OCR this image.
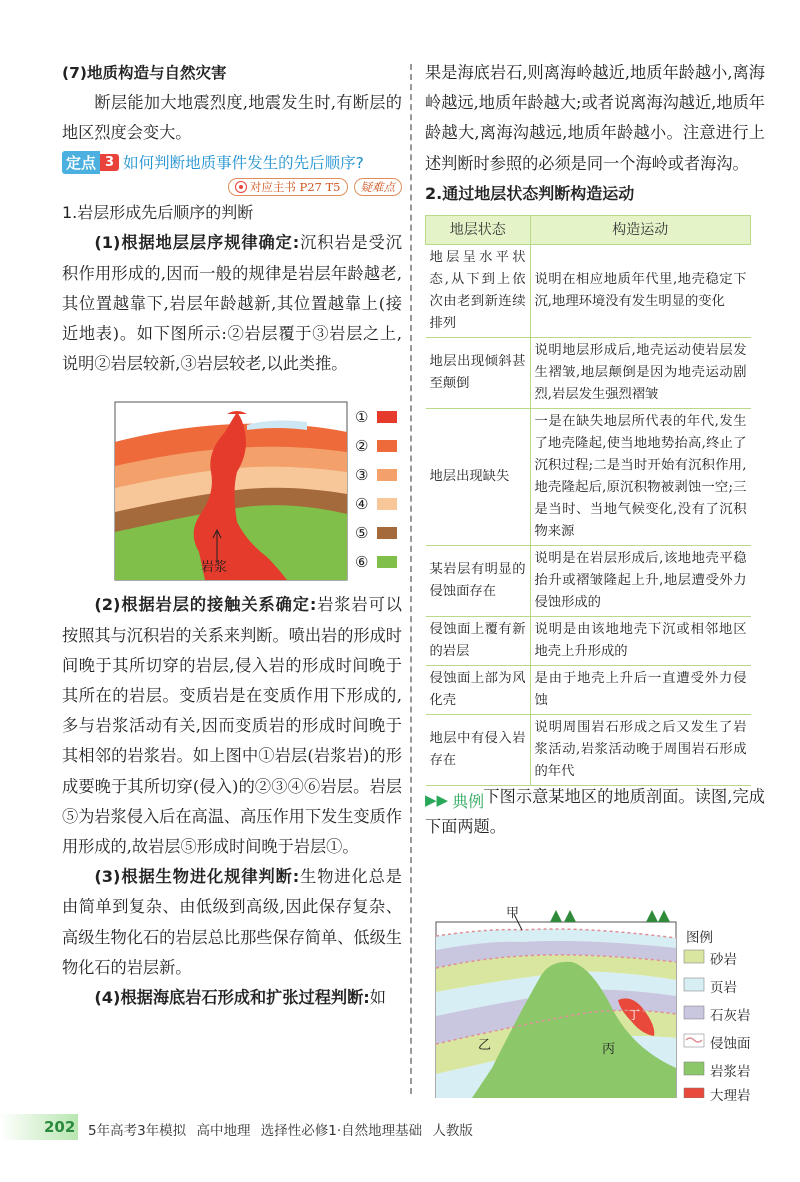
(7)地质构造与自然灾害

断层能加大地震烈度,地震发生时,有断层的地区烈度会变大。

定点 3 如何判断地质事件发生的先后顺序?
对应主书 P27 T5	疑难点

1.岩层形成先后顺序的判断

(1)根据地层层序规律确定:沉积岩是受沉积作用形成的,因而一般的规律是岩层年龄越老,其位置越靠下,岩层年龄越新,其位置越靠上(接近地表)。如下图所示:②岩层覆于③岩层之上,说明②岩层较新,③岩层较老,以此类推。

岩浆
①
②
③
④
⑤
⑥

(2)根据岩层的接触关系确定:岩浆岩可以按照其与沉积岩的关系来判断。喷出岩的形成时间晚于其所切穿的岩层,侵入岩的形成时间晚于其所在的岩层。变质岩是在变质作用下形成的,多与岩浆活动有关,因而变质岩的形成时间晚于其相邻的岩浆岩。如上图中①岩层(岩浆岩)的形成要晚于其所切穿(侵入)的②③④⑥岩层。岩层⑤为岩浆侵入后在高温、高压作用下发生变质作用形成的,故岩层⑤形成时间晚于岩层①。

(3)根据生物进化规律判断:生物进化总是由简单到复杂、由低级到高级,因此保存复杂、高级生物化石的岩层总比那些保存简单、低级生物化石的岩层新。

(4)根据海底岩石形成和扩张过程判断:如

果是海底岩石,则离海岭越近,地质年龄越小,离海岭越远,地质年龄越大;或者说离海沟越近,地质年龄越大,离海沟越远,地质年龄越小。注意进行上述判断时参照的必须是同一个海岭或者海沟。

2.通过地层状态判断构造运动

地层状态	构造运动
地层呈水平状态,从下到上依次由老到新连续排列	说明在相应地质年代里,地壳稳定下沉,地理环境没有发生明显的变化
地层出现倾斜甚至颠倒	说明地层形成后,地壳运动使岩层发生褶皱,地层颠倒是因为地壳运动剧烈,岩层发生强烈褶皱
地层出现缺失	一是在缺失地层所代表的年代,发生了地壳隆起,使当地地势抬高,终止了沉积过程;二是当时开始有沉积作用,地壳隆起后,原沉积物被剥蚀一空;三是当时、当地气候变化,没有了沉积物来源
某岩层有明显的侵蚀面存在	说明是在岩层形成后,该地地壳平稳抬升或褶皱隆起上升,地层遭受外力侵蚀形成的
侵蚀面上覆有新的岩层	说明是由该地地壳下沉或相邻地区地壳上升形成的
侵蚀面上部为风化壳	是由于地壳上升后一直遭受外力侵蚀
地层中有侵入岩存在	说明周围岩石形成之后又发生了岩浆活动,岩浆活动晚于周围岩石形成的年代
▶▶ 典例 下图示意某地区的地质剖面。读图,完成下面两题。

甲
乙	丙
丁
图例
砂岩
页岩
石灰岩
侵蚀面
岩浆岩
大理岩
202 5年高考3年模拟 高中地理 选择性必修1·自然地理基础 人教版
